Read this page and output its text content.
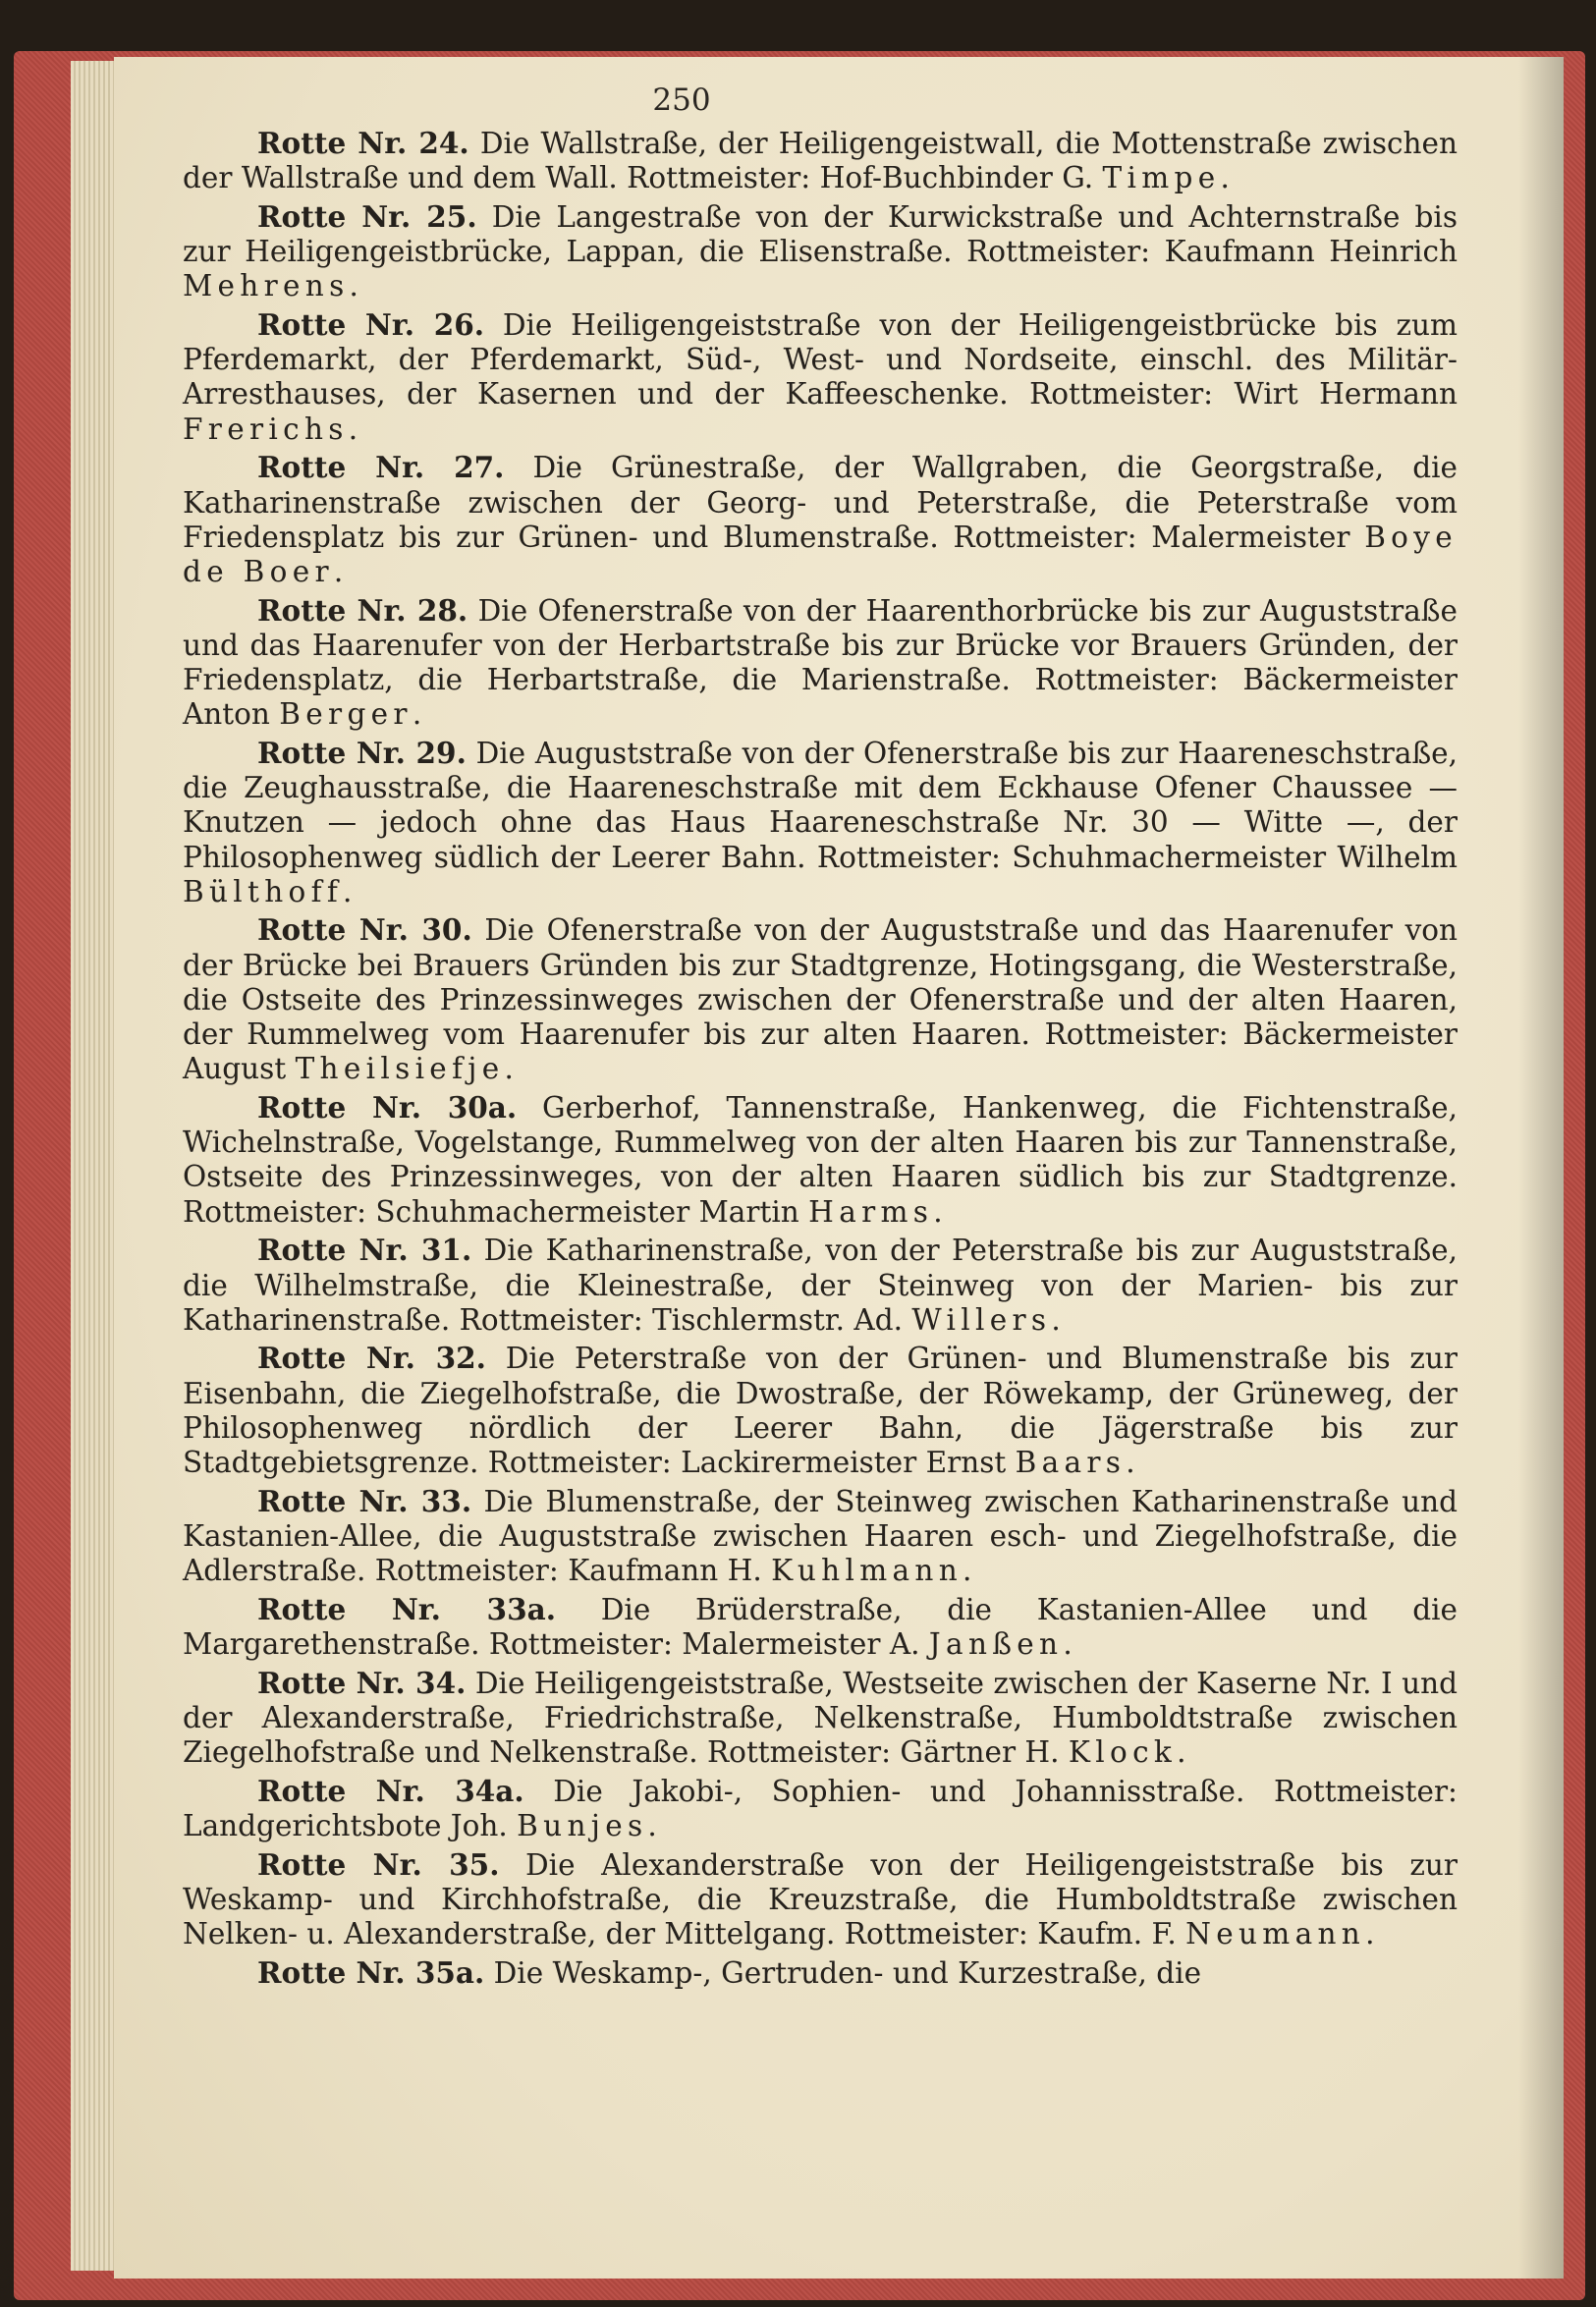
250

Rotte Nr. 24. Die Wallstraße, der Heiligengeistwall, die Mottenstraße zwischen der Wallstraße und dem Wall. Rottmeister: Hof-Buchbinder G. Timpe.

Rotte Nr. 25. Die Langestraße von der Kurwickstraße und Achternstraße bis zur Heiligengeistbrücke, Lappan, die Elisenstraße. Rottmeister: Kaufmann Heinrich Mehrens.

Rotte Nr. 26. Die Heiligengeiststraße von der Heiligengeistbrücke bis zum Pferdemarkt, der Pferdemarkt, Süd-, West- und Nordseite, einschl. des Militär-Arresthauses, der Kasernen und der Kaffeeschenke. Rottmeister: Wirt Hermann Frerichs.

Rotte Nr. 27. Die Grünestraße, der Wallgraben, die Georgstraße, die Katharinenstraße zwischen der Georg- und Peterstraße, die Peterstraße vom Friedensplatz bis zur Grünen- und Blumenstraße. Rottmeister: Malermeister Boye de Boer.

Rotte Nr. 28. Die Ofenerstraße von der Haarenthorbrücke bis zur Auguststraße und das Haarenufer von der Herbartstraße bis zur Brücke vor Brauers Gründen, der Friedensplatz, die Herbartstraße, die Marienstraße. Rottmeister: Bäckermeister Anton Berger.

Rotte Nr. 29. Die Auguststraße von der Ofenerstraße bis zur Haareneschstraße, die Zeughausstraße, die Haareneschstraße mit dem Eckhause Ofener Chaussee — Knutzen — jedoch ohne das Haus Haareneschstraße Nr. 30 — Witte —, der Philosophenweg südlich der Leerer Bahn. Rottmeister: Schuhmachermeister Wilhelm Bülthoff.

Rotte Nr. 30. Die Ofenerstraße von der Auguststraße und das Haarenufer von der Brücke bei Brauers Gründen bis zur Stadtgrenze, Hotingsgang, die Westerstraße, die Ostseite des Prinzessinweges zwischen der Ofenerstraße und der alten Haaren, der Rummelweg vom Haarenufer bis zur alten Haaren. Rottmeister: Bäckermeister August Theilsiefje.

Rotte Nr. 30a. Gerberhof, Tannenstraße, Hankenweg, die Fichtenstraße, Wichelnstraße, Vogelstange, Rummelweg von der alten Haaren bis zur Tannenstraße, Ostseite des Prinzessinweges, von der alten Haaren südlich bis zur Stadtgrenze. Rottmeister: Schuhmachermeister Martin Harms.

Rotte Nr. 31. Die Katharinenstraße, von der Peterstraße bis zur Auguststraße, die Wilhelmstraße, die Kleinestraße, der Steinweg von der Marien- bis zur Katharinenstraße. Rottmeister: Tischlermstr. Ad. Willers.

Rotte Nr. 32. Die Peterstraße von der Grünen- und Blumenstraße bis zur Eisenbahn, die Ziegelhofstraße, die Dwostraße, der Röwekamp, der Grüneweg, der Philosophenweg nördlich der Leerer Bahn, die Jägerstraße bis zur Stadtgebietsgrenze. Rottmeister: Lackirermeister Ernst Baars.

Rotte Nr. 33. Die Blumenstraße, der Steinweg zwischen Katharinenstraße und Kastanien-Allee, die Auguststraße zwischen Haaren esch- und Ziegelhofstraße, die Adlerstraße. Rottmeister: Kaufmann H. Kuhlmann.

Rotte Nr. 33a. Die Brüderstraße, die Kastanien-Allee und die Margarethenstraße. Rottmeister: Malermeister A. Janßen.

Rotte Nr. 34. Die Heiligengeiststraße, Westseite zwischen der Kaserne Nr. I und der Alexanderstraße, Friedrichstraße, Nelkenstraße, Humboldtstraße zwischen Ziegelhofstraße und Nelkenstraße. Rottmeister: Gärtner H. Klock.

Rotte Nr. 34a. Die Jakobi-, Sophien- und Johannisstraße. Rottmeister: Landgerichtsbote Joh. Bunjes.

Rotte Nr. 35. Die Alexanderstraße von der Heiligengeiststraße bis zur Weskamp- und Kirchhofstraße, die Kreuzstraße, die Humboldtstraße zwischen Nelken- u. Alexanderstraße, der Mittelgang. Rottmeister: Kaufm. F. Neumann.

Rotte Nr. 35a. Die Weskamp-, Gertruden- und Kurzestraße, die
